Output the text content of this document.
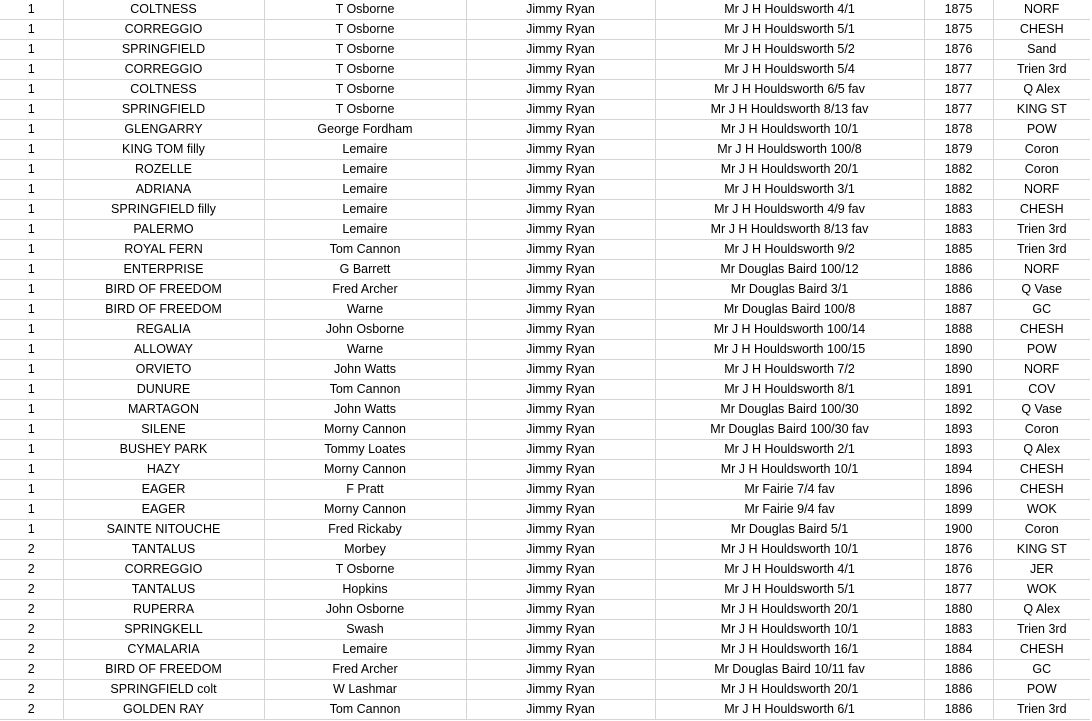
1	COLTNESS	T Osborne	Jimmy Ryan	Mr J H Houldsworth 4/1	1875	NORF
1	CORREGGIO	T Osborne	Jimmy Ryan	Mr J H Houldsworth 5/1	1875	CHESH
1	SPRINGFIELD	T Osborne	Jimmy Ryan	Mr J H Houldsworth 5/2	1876	Sand
1	CORREGGIO	T Osborne	Jimmy Ryan	Mr J H Houldsworth 5/4	1877	Trien 3rd
1	COLTNESS	T Osborne	Jimmy Ryan	Mr J H Houldsworth 6/5 fav	1877	Q Alex
1	SPRINGFIELD	T Osborne	Jimmy Ryan	Mr J H Houldsworth 8/13 fav	1877	KING ST
1	GLENGARRY	George Fordham	Jimmy Ryan	Mr J H Houldsworth 10/1	1878	POW
1	KING TOM filly	Lemaire	Jimmy Ryan	Mr J H Houldsworth 100/8	1879	Coron
1	ROZELLE	Lemaire	Jimmy Ryan	Mr J H Houldsworth 20/1	1882	Coron
1	ADRIANA	Lemaire	Jimmy Ryan	Mr J H Houldsworth 3/1	1882	NORF
1	SPRINGFIELD filly	Lemaire	Jimmy Ryan	Mr J H Houldsworth 4/9 fav	1883	CHESH
1	PALERMO	Lemaire	Jimmy Ryan	Mr J H Houldsworth 8/13 fav	1883	Trien 3rd
1	ROYAL FERN	Tom Cannon	Jimmy Ryan	Mr J H Houldsworth 9/2	1885	Trien 3rd
1	ENTERPRISE	G Barrett	Jimmy Ryan	Mr Douglas Baird 100/12	1886	NORF
1	BIRD OF FREEDOM	Fred Archer	Jimmy Ryan	Mr Douglas Baird 3/1	1886	Q Vase
1	BIRD OF FREEDOM	Warne	Jimmy Ryan	Mr Douglas Baird 100/8	1887	GC
1	REGALIA	John Osborne	Jimmy Ryan	Mr J H Houldsworth 100/14	1888	CHESH
1	ALLOWAY	Warne	Jimmy Ryan	Mr J H Houldsworth 100/15	1890	POW
1	ORVIETO	John Watts	Jimmy Ryan	Mr J H Houldsworth 7/2	1890	NORF
1	DUNURE	Tom Cannon	Jimmy Ryan	Mr J H Houldsworth 8/1	1891	COV
1	MARTAGON	John Watts	Jimmy Ryan	Mr Douglas Baird 100/30	1892	Q Vase
1	SILENE	Morny Cannon	Jimmy Ryan	Mr Douglas Baird 100/30 fav	1893	Coron
1	BUSHEY PARK	Tommy Loates	Jimmy Ryan	Mr J H Houldsworth 2/1	1893	Q Alex
1	HAZY	Morny Cannon	Jimmy Ryan	Mr J H Houldsworth 10/1	1894	CHESH
1	EAGER	F Pratt	Jimmy Ryan	Mr Fairie 7/4 fav	1896	CHESH
1	EAGER	Morny Cannon	Jimmy Ryan	Mr Fairie 9/4 fav	1899	WOK
1	SAINTE NITOUCHE	Fred Rickaby	Jimmy Ryan	Mr Douglas Baird 5/1	1900	Coron
2	TANTALUS	Morbey	Jimmy Ryan	Mr J H Houldsworth 10/1	1876	KING ST
2	CORREGGIO	T Osborne	Jimmy Ryan	Mr J H Houldsworth 4/1	1876	JER
2	TANTALUS	Hopkins	Jimmy Ryan	Mr J H Houldsworth 5/1	1877	WOK
2	RUPERRA	John Osborne	Jimmy Ryan	Mr J H Houldsworth 20/1	1880	Q Alex
2	SPRINGKELL	Swash	Jimmy Ryan	Mr J H Houldsworth 10/1	1883	Trien 3rd
2	CYMALARIA	Lemaire	Jimmy Ryan	Mr J H Houldsworth 16/1	1884	CHESH
2	BIRD OF FREEDOM	Fred Archer	Jimmy Ryan	Mr Douglas Baird 10/11 fav	1886	GC
2	SPRINGFIELD colt	W Lashmar	Jimmy Ryan	Mr J H Houldsworth 20/1	1886	POW
2	GOLDEN RAY	Tom Cannon	Jimmy Ryan	Mr J H Houldsworth 6/1	1886	Trien 3rd
